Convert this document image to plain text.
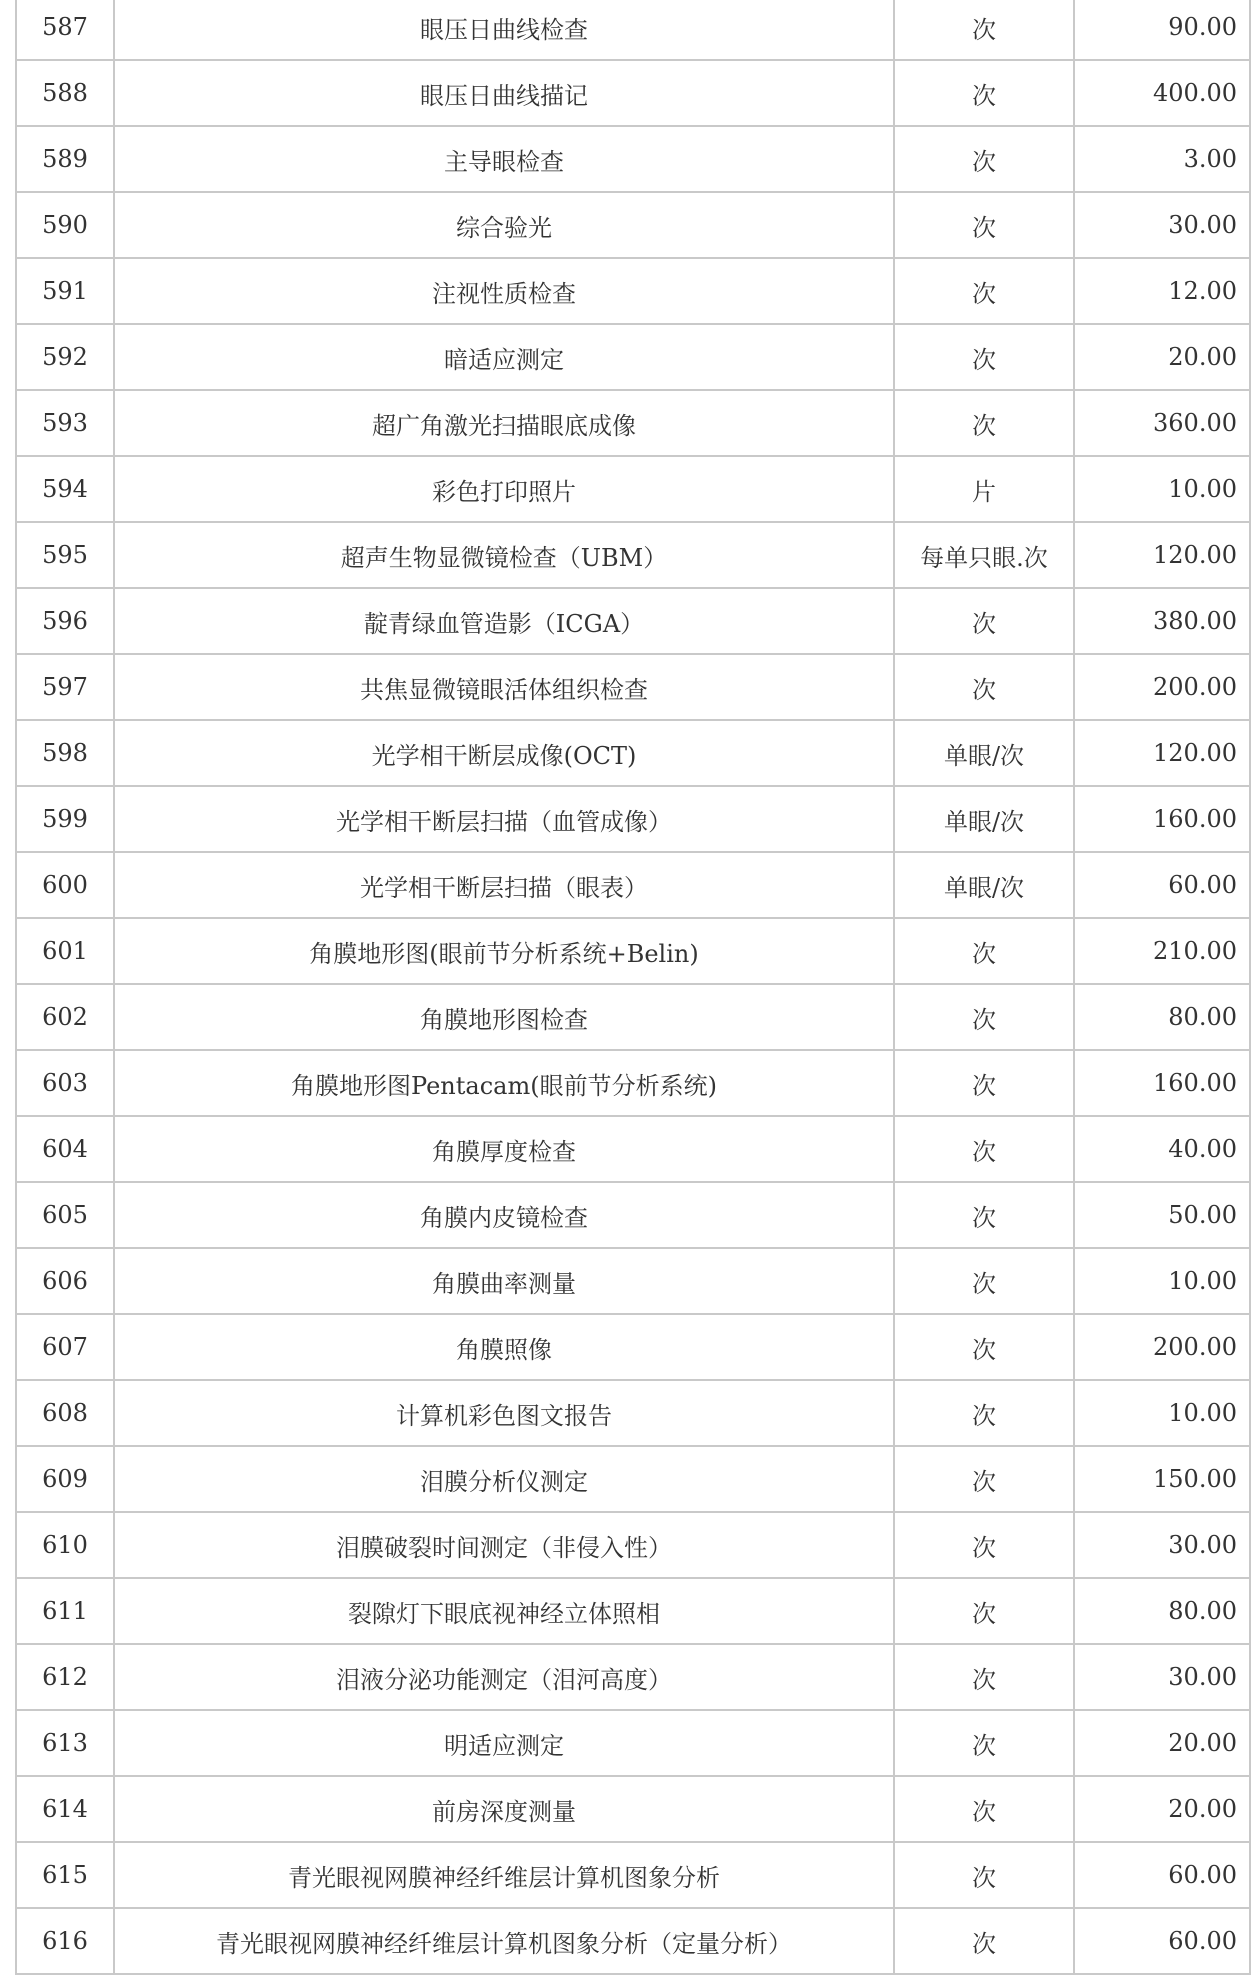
587	眼压日曲线检查	次	90.00
588	眼压日曲线描记	次	400.00
589	主导眼检查	次	3.00
590	综合验光	次	30.00
591	注视性质检查	次	12.00
592	暗适应测定	次	20.00
593	超广角激光扫描眼底成像	次	360.00
594	彩色打印照片	片	10.00
595	超声生物显微镜检查（UBM）	每单只眼.次	120.00
596	靛青绿血管造影（ICGA）	次	380.00
597	共焦显微镜眼活体组织检查	次	200.00
598	光学相干断层成像(OCT)	单眼/次	120.00
599	光学相干断层扫描（血管成像）	单眼/次	160.00
600	光学相干断层扫描（眼表）	单眼/次	60.00
601	角膜地形图(眼前节分析系统+Belin)	次	210.00
602	角膜地形图检查	次	80.00
603	角膜地形图Pentacam(眼前节分析系统)	次	160.00
604	角膜厚度检查	次	40.00
605	角膜内皮镜检查	次	50.00
606	角膜曲率测量	次	10.00
607	角膜照像	次	200.00
608	计算机彩色图文报告	次	10.00
609	泪膜分析仪测定	次	150.00
610	泪膜破裂时间测定（非侵入性）	次	30.00
611	裂隙灯下眼底视神经立体照相	次	80.00
612	泪液分泌功能测定（泪河高度）	次	30.00
613	明适应测定	次	20.00
614	前房深度测量	次	20.00
615	青光眼视网膜神经纤维层计算机图象分析	次	60.00
616	青光眼视网膜神经纤维层计算机图象分析（定量分析）	次	60.00
